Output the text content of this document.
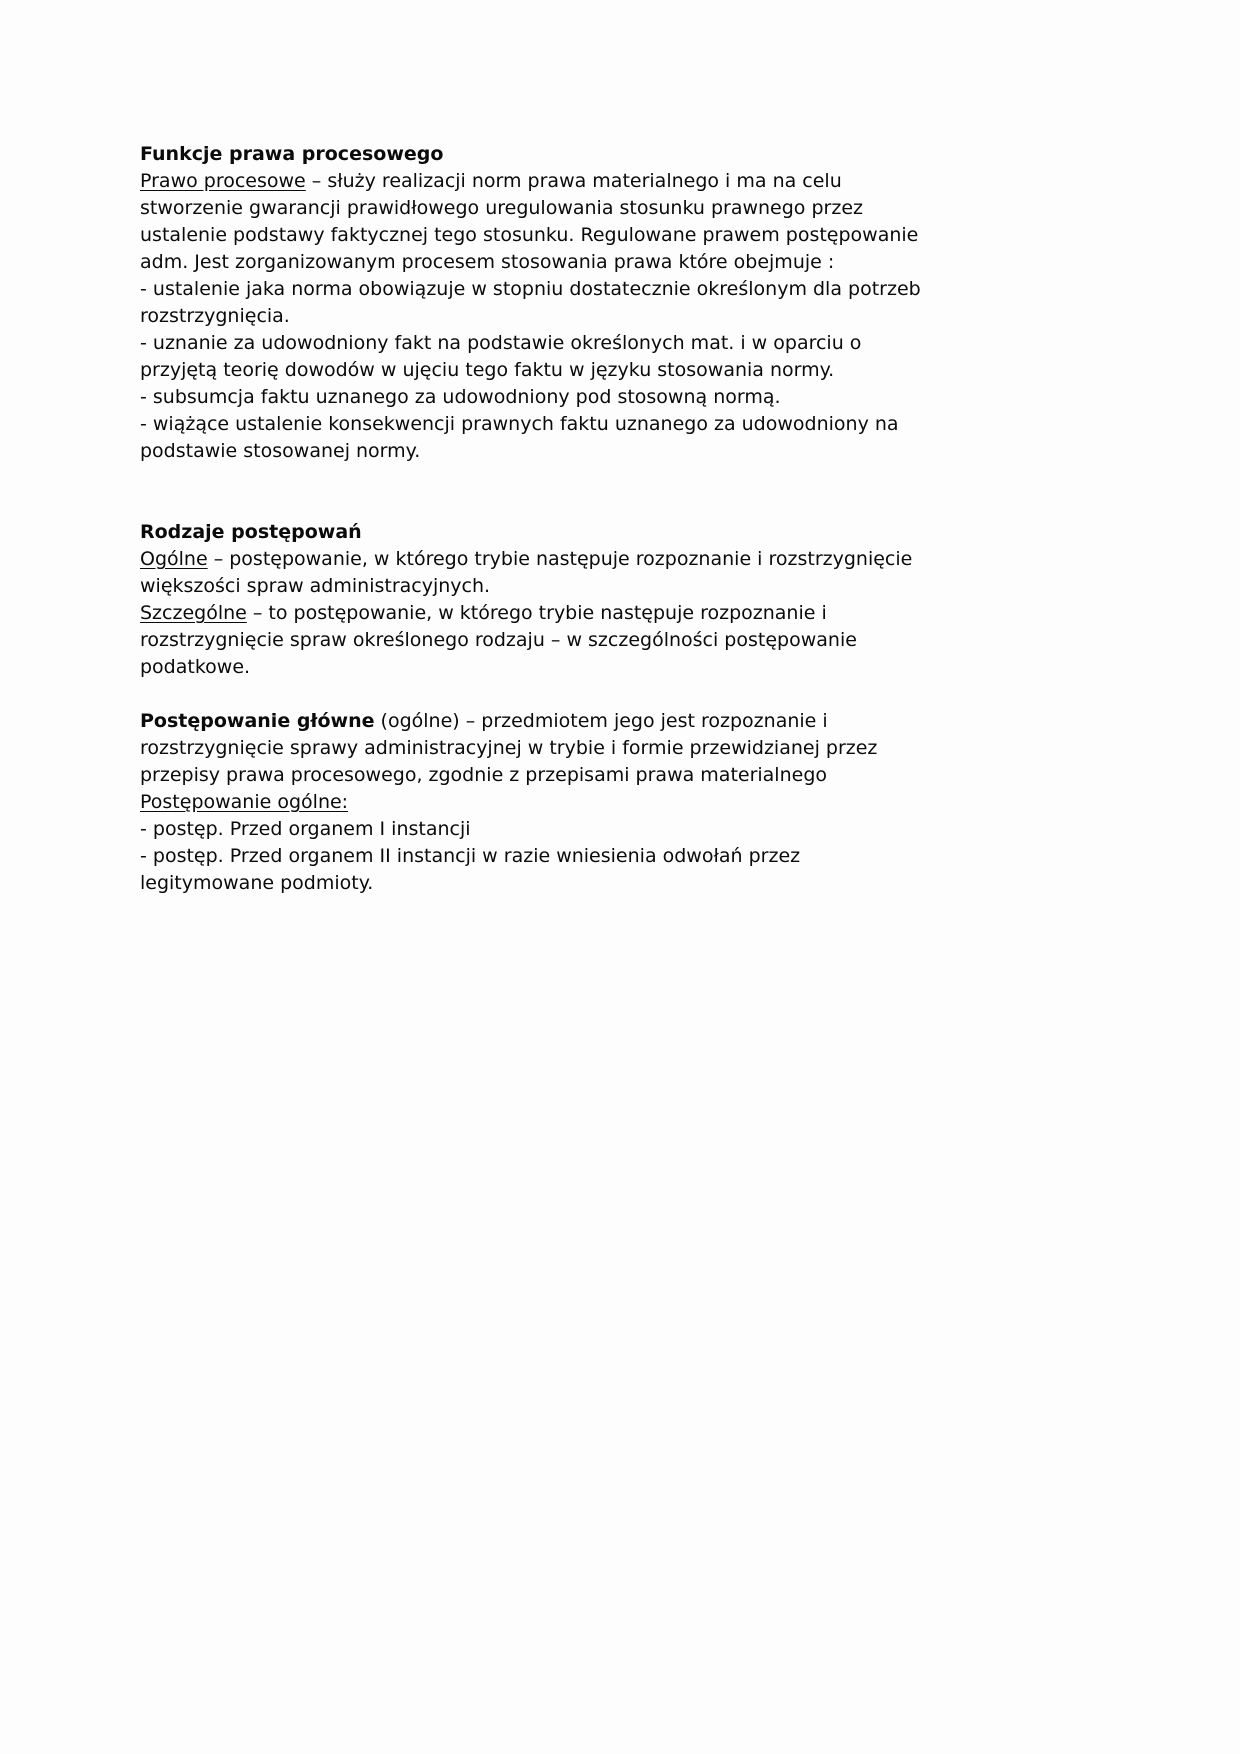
Funkcje prawa procesowego
Prawo procesowe – służy realizacji norm prawa materialnego i ma na celu
stworzenie gwarancji prawidłowego uregulowania stosunku prawnego przez
ustalenie podstawy faktycznej tego stosunku. Regulowane prawem postępowanie
adm. Jest zorganizowanym procesem stosowania prawa które obejmuje :
- ustalenie jaka norma obowiązuje w stopniu dostatecznie określonym dla potrzeb
rozstrzygnięcia.
- uznanie za udowodniony fakt na podstawie określonych mat. i w oparciu o
przyjętą teorię dowodów w ujęciu tego faktu w języku stosowania normy.
- subsumcja faktu uznanego za udowodniony pod stosowną normą.
- wiążące ustalenie konsekwencji prawnych faktu uznanego za udowodniony na
podstawie stosowanej normy.
Rodzaje postępowań
Ogólne – postępowanie, w którego trybie następuje rozpoznanie i rozstrzygnięcie
większości spraw administracyjnych.
Szczególne – to postępowanie, w którego trybie następuje rozpoznanie i
rozstrzygnięcie spraw określonego rodzaju – w szczególności postępowanie
podatkowe.
Postępowanie główne (ogólne) – przedmiotem jego jest rozpoznanie i
rozstrzygnięcie sprawy administracyjnej w trybie i formie przewidzianej przez
przepisy prawa procesowego, zgodnie z przepisami prawa materialnego
Postępowanie ogólne:
- postęp. Przed organem I instancji
- postęp. Przed organem II instancji w razie wniesienia odwołań przez
legitymowane podmioty.
